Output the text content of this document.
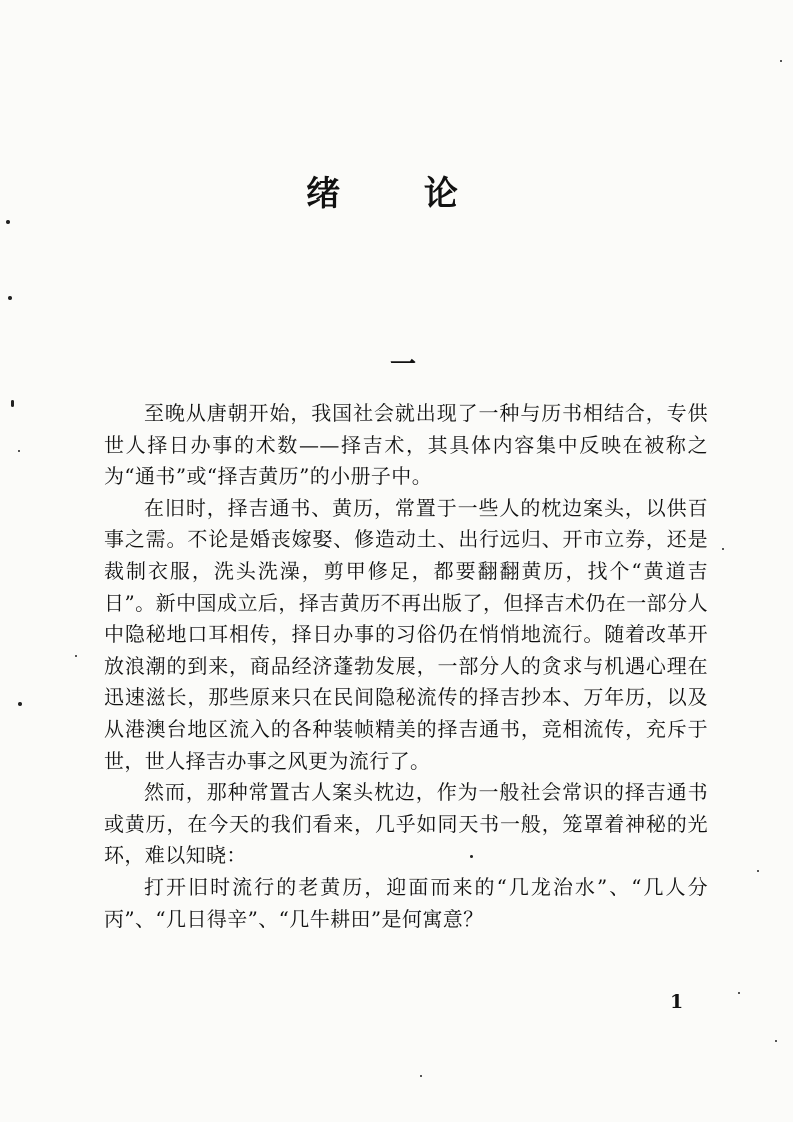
绪 论
一

至晚从唐朝开始，我国社会就出现了一种与历书相结合，专供世人择日办事的术数——择吉术，其具体内容集中反映在被称之为“通书”或“择吉黄历”的小册子中。

在旧时，择吉通书、黄历，常置于一些人的枕边案头，以供百事之需。不论是婚丧嫁娶、修造动土、出行远归、开市立券，还是裁制衣服，洗头洗澡，剪甲修足，都要翻翻黄历，找个“黄道吉日”。新中国成立后，择吉黄历不再出版了，但择吉术仍在一部分人中隐秘地口耳相传，择日办事的习俗仍在悄悄地流行。随着改革开放浪潮的到来，商品经济蓬勃发展，一部分人的贪求与机遇心理在迅速滋长，那些原来只在民间隐秘流传的择吉抄本、万年历，以及从港澳台地区流入的各种装帧精美的择吉通书，竞相流传，充斥于世，世人择吉办事之风更为流行了。

然而，那种常置古人案头枕边，作为一般社会常识的择吉通书或黄历，在今天的我们看来，几乎如同天书一般，笼罩着神秘的光环，难以知晓：

打开旧时流行的老黄历，迎面而来的“几龙治水”、“几人分丙”、“几日得辛”、“几牛耕田”是何寓意？

1
